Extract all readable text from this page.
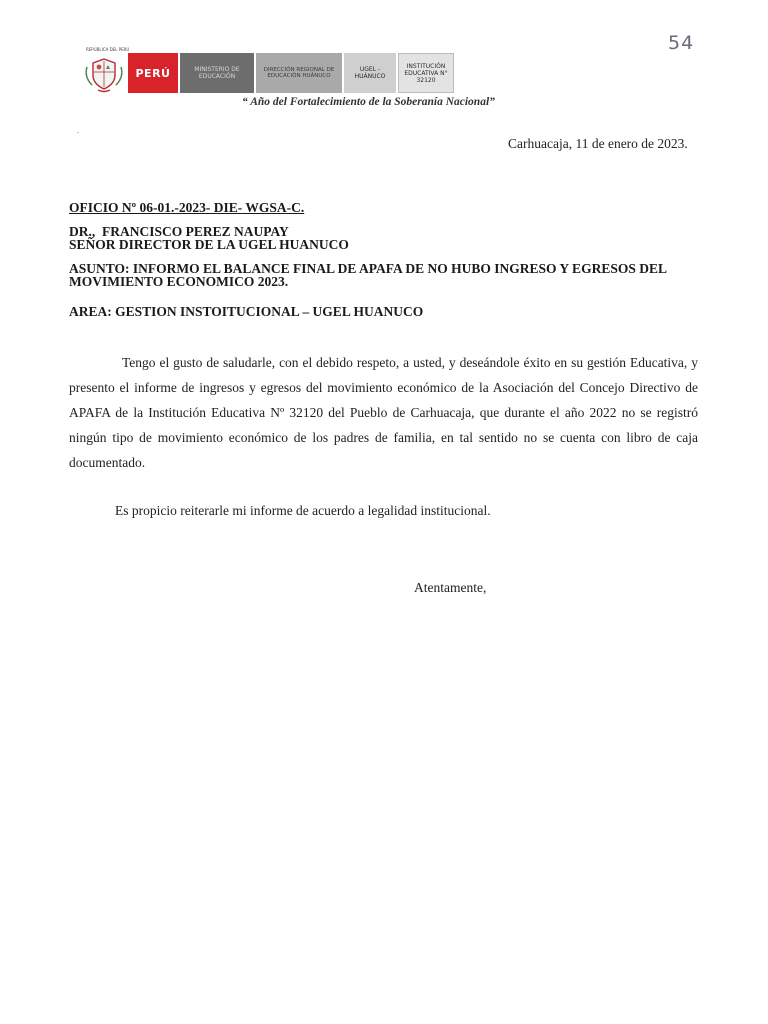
54
REPÚBLICA DEL PERÚ
PERÚ	MINISTERIO DE EDUCACIÓN
DIRECCIÓN REGIONAL DE EDUCACIÓN HUÁNUCO
UGEL - HUÁNUCO
INSTITUCIÓN EDUCATIVA N° 32120
“ Año del Fortalecimiento de la Soberanía Nacional”
.
Carhuacaja, 11 de enero de 2023.
OFICIO Nº 06-01.-2023- DIE- WGSA-C.
DR.,  FRANCISCO PEREZ NAUPAY
SEÑOR DIRECTOR DE LA UGEL HUANUCO
ASUNTO: INFORMO EL BALANCE FINAL DE APAFA DE NO HUBO INGRESO Y EGRESOS DEL MOVIMIENTO ECONOMICO 2023.
AREA: GESTION INSTOITUCIONAL – UGEL HUANUCO
Tengo el gusto de saludarle, con el debido respeto, a usted, y deseándole éxito en su gestión Educativa, y presento el informe de ingresos y egresos del movimiento económico de la Asociación del Concejo Directivo de APAFA de la Institución Educativa Nº 32120 del Pueblo de Carhuacaja, que durante el año 2022 no se registró ningún tipo de movimiento económico de los padres de familia, en tal sentido no se cuenta con libro de caja documentado.
Es propicio reiterarle mi informe de acuerdo a legalidad institucional.
Atentamente,
